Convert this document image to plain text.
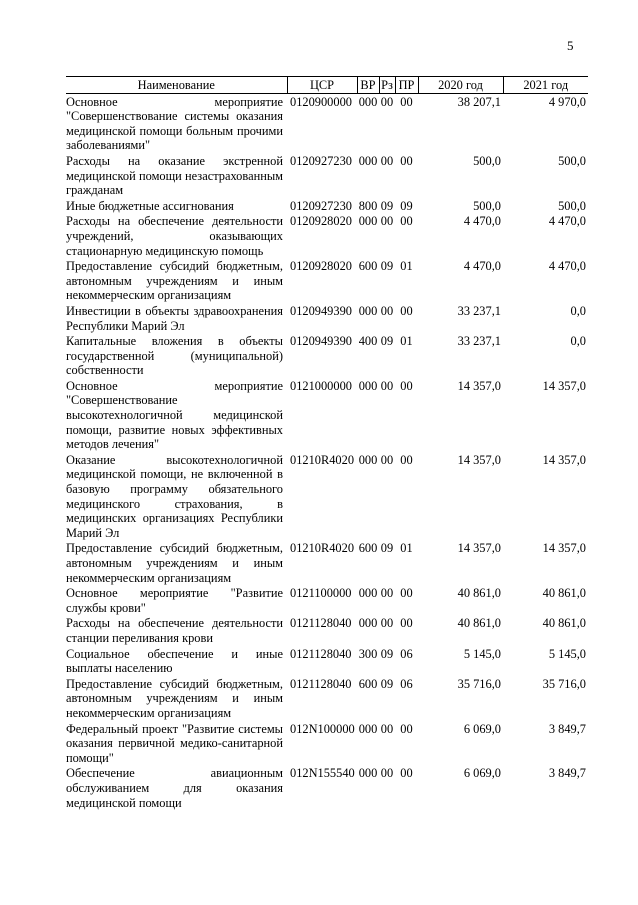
5
Наименование	ЦСР	ВР	Рз	ПР	2020 год	2021 год
Основное мероприятие "Совершенствование системы оказания медицинской помощи больным прочими заболеваниями"	0120900000	000	00	00	38 207,1	4 970,0
Расходы на оказание экстренной медицинской помощи незастрахованным гражданам	0120927230	000	00	00	500,0	500,0
Иные бюджетные ассигнования	0120927230	800	09	09	500,0	500,0
Расходы на обеспечение деятельности учреждений, оказывающих стационарную медицинскую помощь	0120928020	000	00	00	4 470,0	4 470,0
Предоставление субсидий бюджетным, автономным учреждениям и иным некоммерческим организациям	0120928020	600	09	01	4 470,0	4 470,0
Инвестиции в объекты здравоохранения Республики Марий Эл	0120949390	000	00	00	33 237,1	0,0
Капитальные вложения в объекты государственной (муниципальной) собственности	0120949390	400	09	01	33 237,1	0,0
Основное мероприятие "Совершенствование высокотехнологичной медицинской помощи, развитие новых эффективных методов лечения"	0121000000	000	00	00	14 357,0	14 357,0
Оказание высокотехнологичной медицинской помощи, не включенной в базовую программу обязательного медицинского страхования, в медицинских организациях Республики Марий Эл	01210R4020	000	00	00	14 357,0	14 357,0
Предоставление субсидий бюджетным, автономным учреждениям и иным некоммерческим организациям	01210R4020	600	09	01	14 357,0	14 357,0
Основное мероприятие "Развитие службы крови"	0121100000	000	00	00	40 861,0	40 861,0
Расходы на обеспечение деятельности станции переливания крови	0121128040	000	00	00	40 861,0	40 861,0
Социальное обеспечение и иные выплаты населению	0121128040	300	09	06	5 145,0	5 145,0
Предоставление субсидий бюджетным, автономным учреждениям и иным некоммерческим организациям	0121128040	600	09	06	35 716,0	35 716,0
Федеральный проект "Развитие системы оказания первичной медико-санитарной помощи"	012N100000	000	00	00	6 069,0	3 849,7
Обеспечение авиационным обслуживанием для оказания медицинской помощи	012N155540	000	00	00	6 069,0	3 849,7
